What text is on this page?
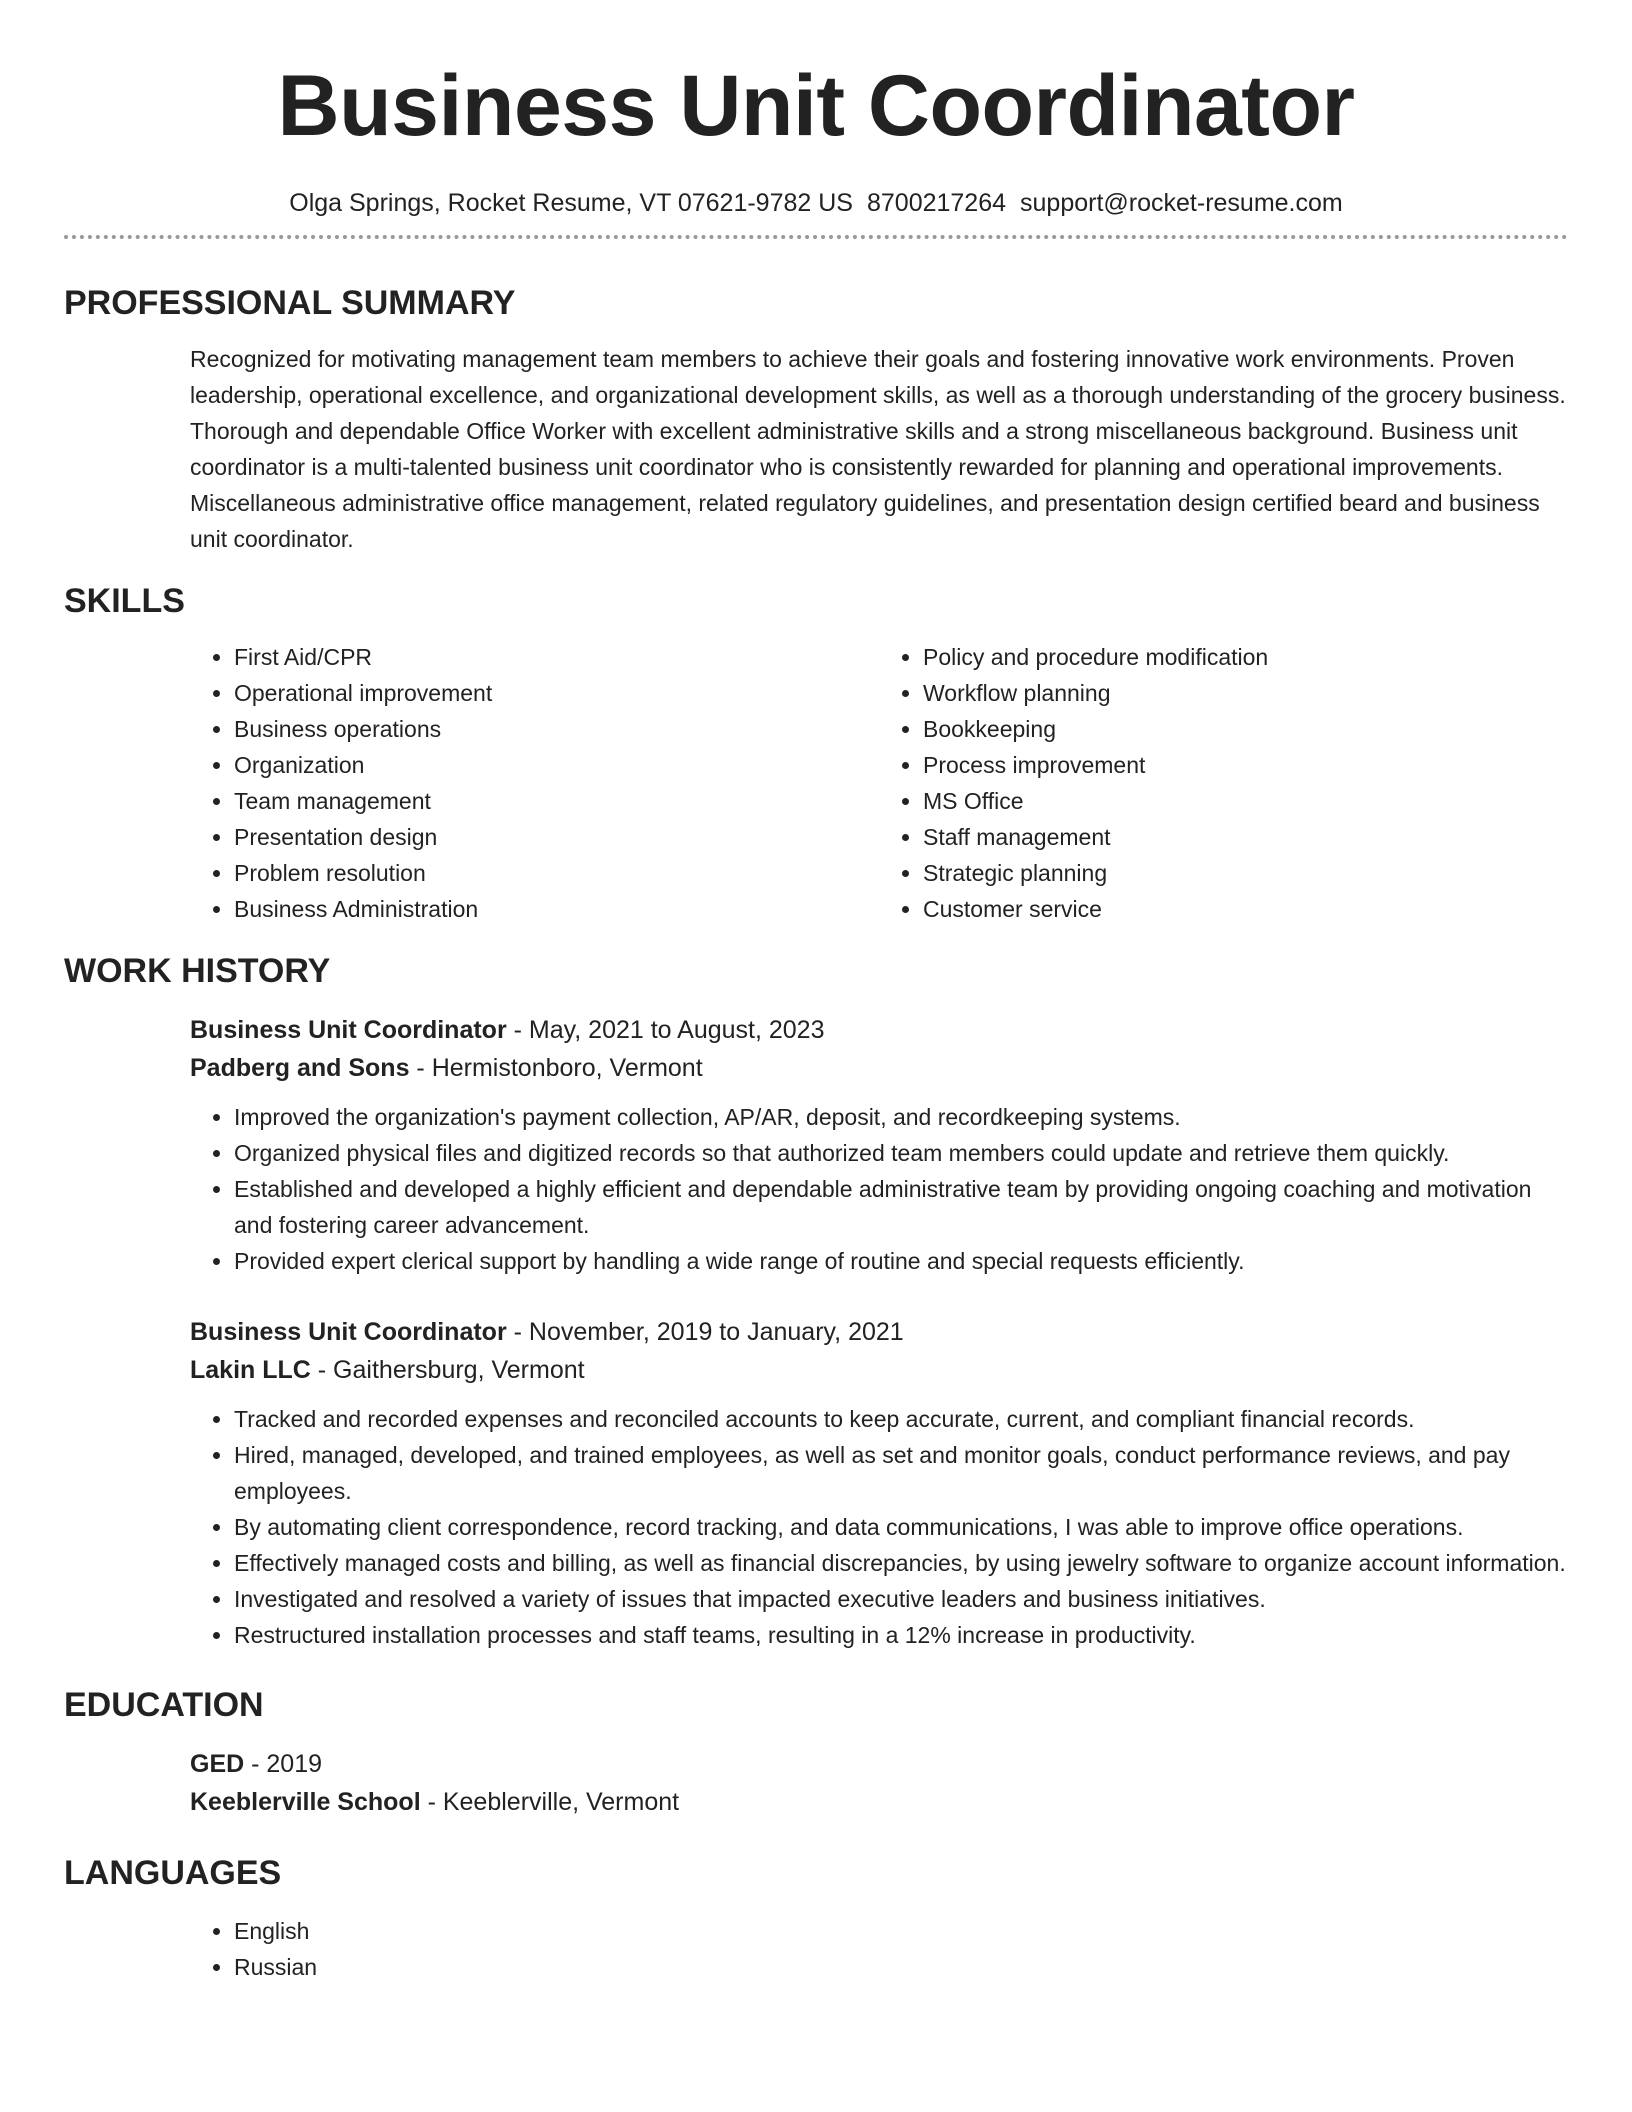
Business Unit Coordinator
Olga Springs, Rocket Resume, VT 07621-9782 US 8700217264 support@rocket-resume.com
PROFESSIONAL SUMMARY

Recognized for motivating management team members to achieve their goals and fostering innovative work environments. Proven leadership, operational excellence, and organizational development skills, as well as a thorough understanding of the grocery business. Thorough and dependable Office Worker with excellent administrative skills and a strong miscellaneous background. Business unit coordinator is a multi-talented business unit coordinator who is consistently rewarded for planning and operational improvements. Miscellaneous administrative office management, related regulatory guidelines, and presentation design certified beard and business unit coordinator.

SKILLS
• First Aid/CPR
• Operational improvement
• Business operations
• Organization
• Team management
• Presentation design
• Problem resolution
• Business Administration
• Policy and procedure modification
• Workflow planning
• Bookkeeping
• Process improvement
• MS Office
• Staff management
• Strategic planning
• Customer service
WORK HISTORY
Business Unit Coordinator - May, 2021 to August, 2023
Padberg and Sons - Hermistonboro, Vermont
• Improved the organization's payment collection, AP/AR, deposit, and recordkeeping systems.
• Organized physical files and digitized records so that authorized team members could update and retrieve them quickly.
• Established and developed a highly efficient and dependable administrative team by providing ongoing coaching and motivation and fostering career advancement.
• Provided expert clerical support by handling a wide range of routine and special requests efficiently.
Business Unit Coordinator - November, 2019 to January, 2021
Lakin LLC - Gaithersburg, Vermont
• Tracked and recorded expenses and reconciled accounts to keep accurate, current, and compliant financial records.
• Hired, managed, developed, and trained employees, as well as set and monitor goals, conduct performance reviews, and pay employees.
• By automating client correspondence, record tracking, and data communications, I was able to improve office operations.
• Effectively managed costs and billing, as well as financial discrepancies, by using jewelry software to organize account information.
• Investigated and resolved a variety of issues that impacted executive leaders and business initiatives.
• Restructured installation processes and staff teams, resulting in a 12% increase in productivity.
EDUCATION
GED - 2019
Keeblerville School - Keeblerville, Vermont
LANGUAGES
• English
• Russian
